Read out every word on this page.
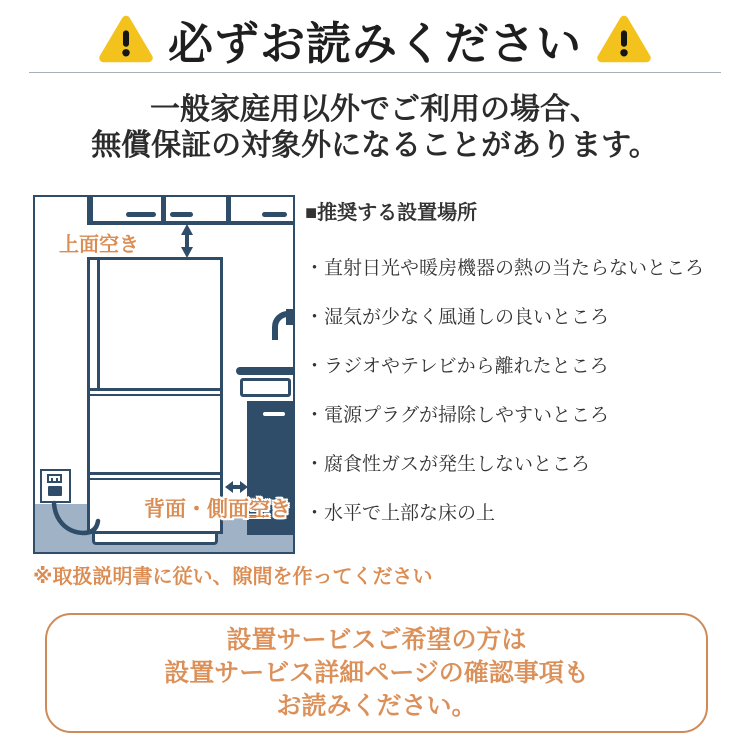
必ずお読みください
一般家庭用以外でご利用の場合、
無償保証の対象外になることがあります。
上面空き
背面・側面空き
■推奨する設置場所
・直射日光や暖房機器の熱の当たらないところ
・湿気が少なく風通しの良いところ
・ラジオやテレビから離れたところ
・電源プラグが掃除しやすいところ
・腐食性ガスが発生しないところ
・水平で上部な床の上
※取扱説明書に従い、隙間を作ってください
設置サービスご希望の方は
設置サービス詳細ページの確認事項も
お読みください。
